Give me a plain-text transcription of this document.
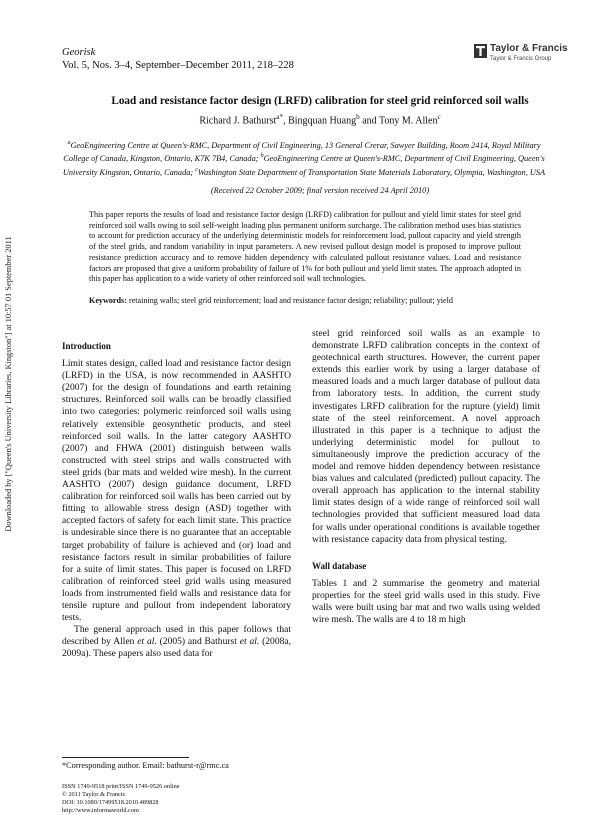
Georisk
Vol. 5, Nos. 3–4, September–December 2011, 218–228
Taylor & Francis
Taylor & Francis Group
Load and resistance factor design (LRFD) calibration for steel grid reinforced soil walls
Richard J. Bathurst$^{a*}$, Bingquan Huang$^b$ and Tony M. Allen$^c$
$^a$GeoEngineering Centre at Queen's-RMC, Department of Civil Engineering, 13 General Crerar, Sawyer Building, Room 2414, Royal Military College of Canada, Kingston, Ontario, K7K 7B4, Canada; $^b$GeoEngineering Centre at Queen's-RMC, Department of Civil Engineering, Queen's University Kingston, Ontario, Canada; $^c$Washington State Department of Transportation State Materials Laboratory, Olympia, Washington, USA
(Received 22 October 2009; final version received 24 April 2010)
This paper reports the results of load and resistance factor design (LRFD) calibration for pullout and yield limit states for steel grid reinforced soil walls owing to soil self-weight loading plus permanent uniform surcharge. The calibration method uses bias statistics to account for prediction accuracy of the underlying deterministic models for reinforcement load, pullout capacity and yield strength of the steel grids, and random variability in input parameters. A new revised pullout design model is proposed to improve pullout resistance prediction accuracy and to remove hidden dependency with calculated pullout resistance values. Load and resistance factors are proposed that give a uniform probability of failure of 1% for both pullout and yield limit states. The approach adopted in this paper has application to a wide variety of other reinforced soil wall technologies.
Keywords: retaining walls; steel grid reinforcement; load and resistance factor design; reliability; pullout; yield
Introduction

Limit states design, called load and resistance factor design (LRFD) in the USA, is now recommended in AASHTO (2007) for the design of foundations and earth retaining structures. Reinforced soil walls can be broadly classified into two categories: polymeric reinforced soil walls using relatively extensible geosynthetic products, and steel reinforced soil walls. In the latter category AASHTO (2007) and FHWA (2001) distinguish between walls constructed with steel strips and walls constructed with steel grids (bar mats and welded wire mesh). In the current AASHTO (2007) design guidance document, LRFD calibration for reinforced soil walls has been carried out by fitting to allowable stress design (ASD) together with accepted factors of safety for each limit state. This practice is undesirable since there is no guarantee that an acceptable target probability of failure is achieved and (or) load and resistance factors result in similar probabilities of failure for a suite of limit states. This paper is focused on LRFD calibration of reinforced steel grid walls using measured loads from instrumented field walls and resistance data for tensile rupture and pullout from independent laboratory tests.

The general approach used in this paper follows that described by Allen et al. (2005) and Bathurst et al. (2008a, 2009a). These papers also used data for

steel grid reinforced soil walls as an example to demonstrate LRFD calibration concepts in the context of geotechnical earth structures. However, the current paper extends this earlier work by using a larger database of measured loads and a much larger database of pullout data from laboratory tests. In addition, the current study investigates LRFD calibration for the rupture (yield) limit state of the steel reinforcement. A novel approach illustrated in this paper is a technique to adjust the underlying deterministic model for pullout to simultaneously improve the prediction accuracy of the model and remove hidden dependency between resistance bias values and calculated (predicted) pullout capacity. The overall approach has application to the internal stability limit states design of a wide range of reinforced soil wall technologies provided that sufficient measured load data for walls under operational conditions is available together with resistance capacity data from physical testing.

Wall database

Tables 1 and 2 summarise the geometry and material properties for the steel grid walls used in this study. Five walls were built using bar mat and two walls using welded wire mesh. The walls are 4 to 18 m high

Downloaded by ["Queen's University Libraries, Kingston"] at 10:57 01 September 2011
*Corresponding author. Email: bathurst-r@rmc.ca
ISSN 1749-9518 print/ISSN 1749-9526 online
© 2011 Taylor & Francis
DOI: 10.1080/17499518.2010.489828
http://www.informaworld.com
